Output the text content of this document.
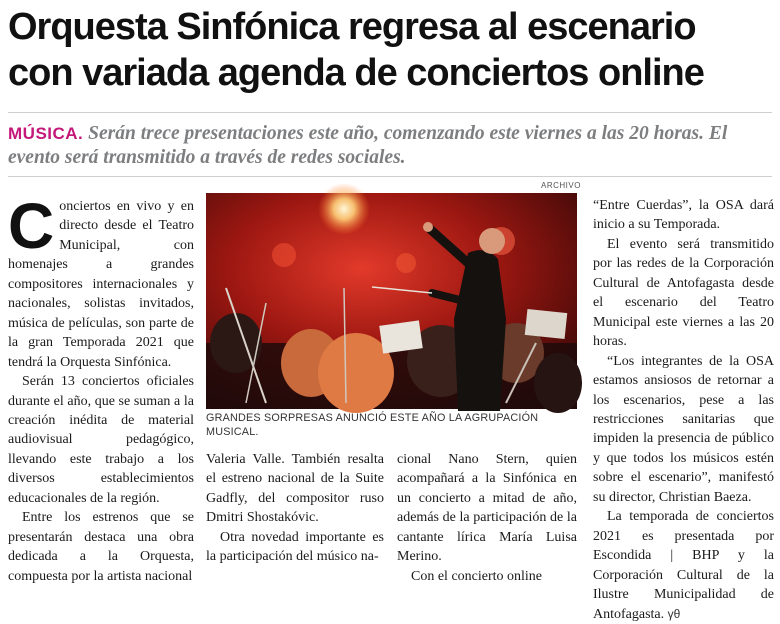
Orquesta Sinfónica regresa al escenario
con variada agenda de conciertos online
MÚSICA. Serán trece presentaciones este año, comenzando este viernes a las 20 horas. El evento será transmitido a través de redes sociales.

Conciertos en vivo y en directo desde el Teatro Municipal, con homenajes a grandes compositores internacionales y nacionales, solistas invitados, música de películas, son parte de la gran Temporada 2021 que tendrá la Orquesta Sinfónica.

Serán 13 conciertos oficiales durante el año, que se suman a la creación inédita de material audiovisual pedagógico, llevando este trabajo a los diversos establecimientos educacionales de la región.

Entre los estrenos que se presentarán destaca una obra dedicada a la Orquesta, compuesta por la artista nacional

ARCHIVO
GRANDES SORPRESAS ANUNCIÓ ESTE AÑO LA AGRUPACIÓN MUSICAL.

Valeria Valle. También resalta el estreno nacional de la Suite Gadfly, del compositor ruso Dmitri Shostakóvic.

Otra novedad importante es la participación del músico na-

cional Nano Stern, quien acompañará a la Sinfónica en un concierto a mitad de año, además de la participación de la cantante lírica María Luisa Merino.

Con el concierto online

“Entre Cuerdas”, la OSA dará inicio a su Temporada.

El evento será transmitido por las redes de la Corporación Cultural de Antofagasta desde el escenario del Teatro Municipal este viernes a las 20 horas.

“Los integrantes de la OSA estamos ansiosos de retornar a los escenarios, pese a las restricciones sanitarias que impiden la presencia de público y que todos los músicos estén sobre el escenario”, manifestó su director, Christian Baeza.

La temporada de conciertos 2021 es presentada por Escondida | BHP y la Corporación Cultural de la Ilustre Municipalidad de Antofagasta. γθ
